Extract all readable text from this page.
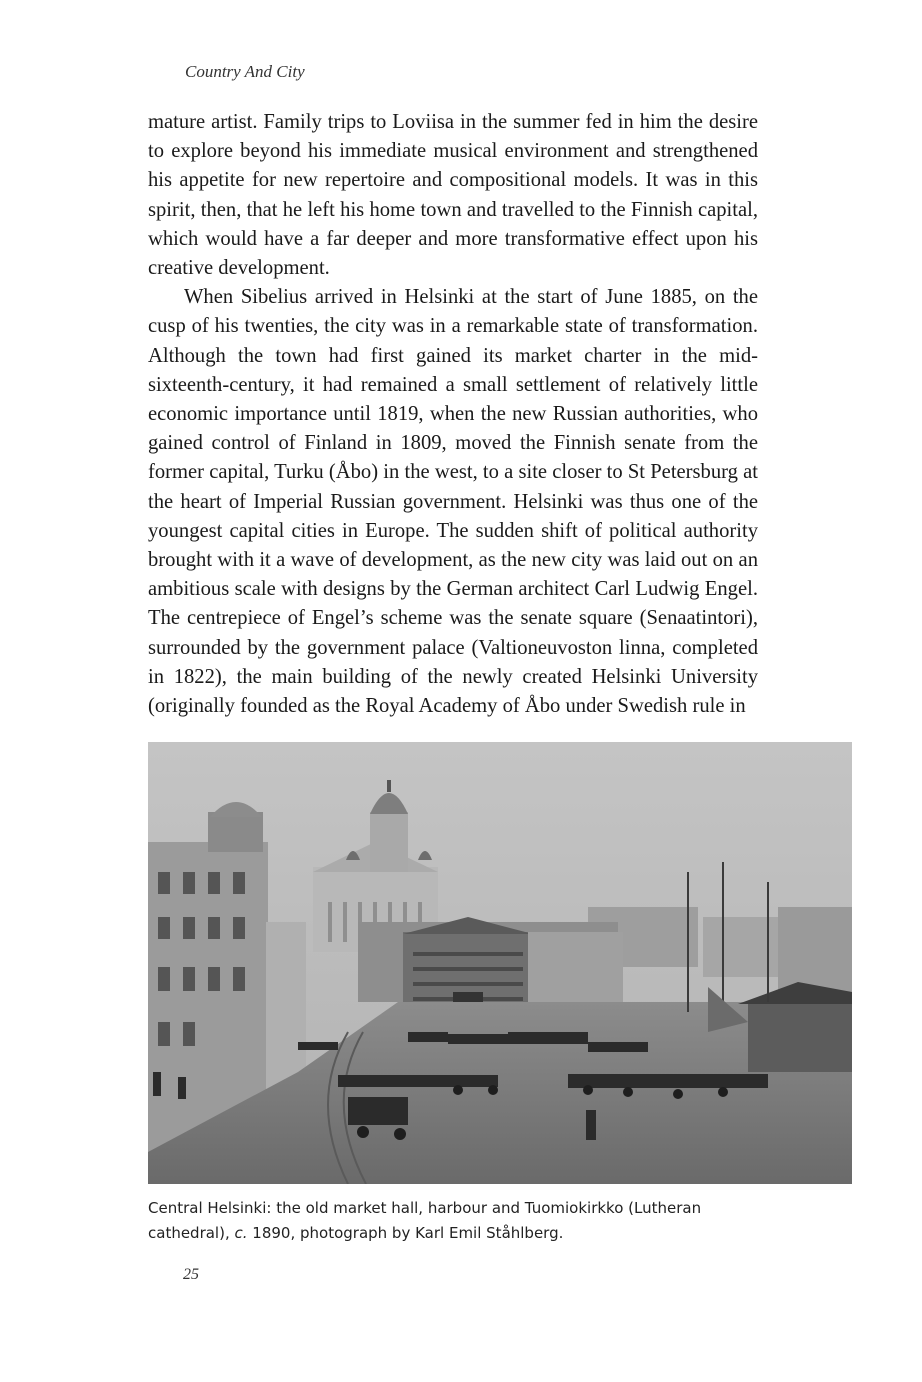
Country And City

mature artist. Family trips to Loviisa in the summer fed in him the desire to explore beyond his immediate musical environment and strengthened his appetite for new repertoire and compositional models. It was in this spirit, then, that he left his home town and travelled to the Finnish capital, which would have a far deeper and more transformative effect upon his creative development.

When Sibelius arrived in Helsinki at the start of June 1885, on the cusp of his twenties, the city was in a remarkable state of transformation. Although the town had first gained its market charter in the mid-sixteenth-century, it had remained a small settlement of relatively little economic importance until 1819, when the new Russian authorities, who gained control of Finland in 1809, moved the Finnish senate from the former capital, Turku (Åbo) in the west, to a site closer to St Petersburg at the heart of Imperial Russian government. Helsinki was thus one of the youngest capital cities in Europe. The sudden shift of political authority brought with it a wave of development, as the new city was laid out on an ambitious scale with designs by the German architect Carl Ludwig Engel. The centrepiece of Engel’s scheme was the senate square (Senaatintori), surrounded by the government palace (Valtioneuvoston linna, completed in 1822), the main building of the newly created Helsinki University (originally founded as the Royal Academy of Åbo under Swedish rule in

Central Helsinki: the old market hall, harbour and Tuomiokirkko (Lutheran cathedral), c. 1890, photograph by Karl Emil Ståhlberg.
25
